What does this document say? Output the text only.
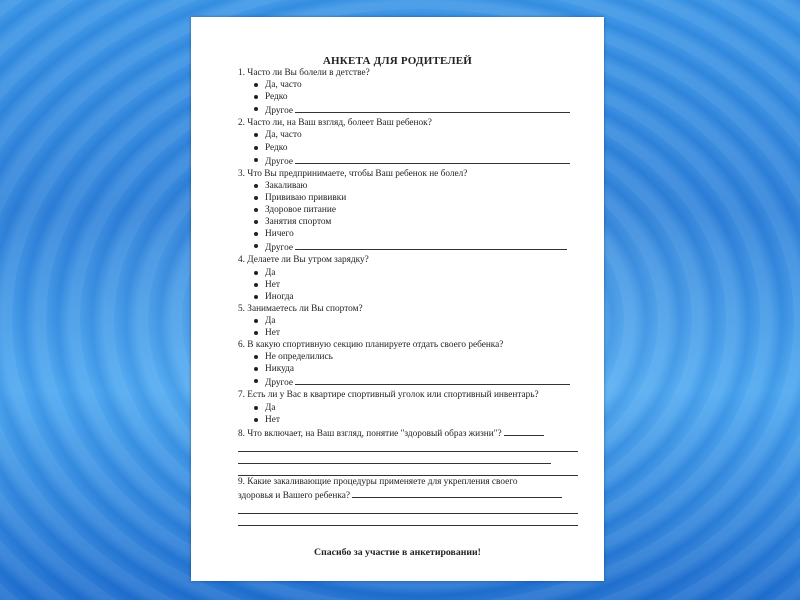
АНКЕТА ДЛЯ РОДИТЕЛЕЙ
1. Часто ли Вы болели в детстве?
Да, часто
Редко
Другое
2. Часто ли, на Ваш взгляд, болеет Ваш ребенок?
Да, часто
Редко
Другое
3. Что Вы предпринимаете, чтобы Ваш ребенок не болел?
Закаливаю
Прививаю прививки
Здоровое питание
Занятия спортом
Ничего
Другое
4. Делаете ли Вы утром зарядку?
Да
Нет
Иногда
5. Занимаетесь ли Вы спортом?
Да
Нет
6. В какую спортивную секцию планируете отдать своего ребенка?
Не определились
Никуда
Другое
7. Есть ли у Вас в квартире спортивный уголок или спортивный инвентарь?
Да
Нет
8. Что включает, на Ваш взгляд, понятие "здоровый образ жизни"?
9. Какие закаливающие процедуры применяете для укрепления своего
здоровья и Вашего ребенка?
Спасибо за участие в анкетировании!
